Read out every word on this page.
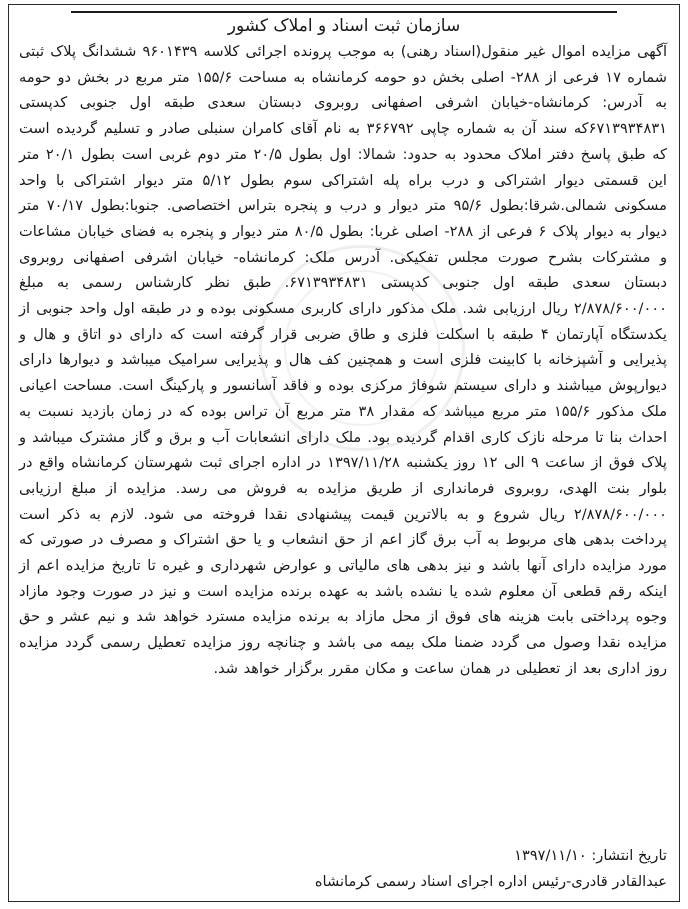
سازمان ثبت اسناد و املاک کشور
آگهی مزایده اموال غیر منقول(اسناد رهنی) به موجب پرونده اجرائی کلاسه ۹۶۰۱۴۳۹ ششدانگ پلاک ثبتی شماره ۱۷ فرعی از ۲۸۸- اصلی بخش دو حومه کرمانشاه به مساحت ۱۵۵/۶ متر مربع در بخش دو حومه به آدرس: کرمانشاه-خیابان اشرفی اصفهانی روبروی دبستان سعدی طبقه اول جنوبی کدپستی ۶۷۱۳۹۳۴۸۳۱که سند آن به شماره چاپی ۳۶۶۷۹۲ به نام آقای کامران سنبلی صادر و تسلیم گردیده است که طبق پاسخ دفتر املاک محدود به حدود: شمالا: اول بطول ۲۰/۵ متر دوم غربی است بطول ۲۰/۱ متر این قسمتی دیوار اشتراکی و درب براه پله اشتراکی سوم بطول ۵/۱۲ متر دیوار اشتراکی با واحد مسکونی شمالی.شرقا:بطول ۹۵/۶ متر دیوار و درب و پنجره بتراس اختصاصی. جنوبا:بطول ۷۰/۱۷ متر دیوار به دیوار پلاک ۶ فرعی از ۲۸۸- اصلی غربا: بطول ۸۰/۵ متر دیوار و پنجره به فضای خیابان مشاعات و مشترکات بشرح صورت مجلس تفکیکی. آدرس ملک: کرمانشاه- خیابان اشرفی اصفهانی روبروی دبستان سعدی طبقه اول جنوبی کدپستی ۶۷۱۳۹۳۴۸۳۱. طبق نظر کارشناس رسمی به مبلغ ۲/۸۷۸/۶۰۰/۰۰۰ ریال ارزیابی شد. ملک مذکور دارای کاربری مسکونی بوده و در طبقه اول واحد جنوبی از یکدستگاه آپارتمان ۴ طبقه با اسکلت فلزی و طاق ضربی قرار گرفته است که دارای دو اتاق و هال و پذیرایی و آشپزخانه با کابینت فلزی است و همچنین کف هال و پذیرایی سرامیک میباشد و دیوارها دارای دیوارپوش میباشند و دارای سیستم شوفاژ مرکزی بوده و فاقد آسانسور و پارکینگ است. مساحت اعیانی ملک مذکور ۱۵۵/۶ متر مربع میباشد که مقدار ۳۸ متر مربع آن تراس بوده که در زمان بازدید نسبت به احداث بنا تا مرحله نازک کاری اقدام گردیده بود. ملک دارای انشعابات آب و برق و گاز مشترک میباشد و پلاک فوق از ساعت ۹ الی ۱۲ روز یکشنبه ۱۳۹۷/۱۱/۲۸ در اداره اجرای ثبت شهرستان کرمانشاه واقع در بلوار بنت الهدی، روبروی فرمانداری از طریق مزایده به فروش می رسد. مزایده از مبلغ ارزیابی ۲/۸۷۸/۶۰۰/۰۰۰ ریال شروع و به بالاترین قیمت پیشنهادی نقدا فروخته می شود. لازم به ذکر است پرداخت بدهی های مربوط به آب برق گاز اعم از حق انشعاب و یا حق اشتراک و مصرف در صورتی که مورد مزایده دارای آنها باشد و نیز بدهی های مالیاتی و عوارض شهرداری و غیره تا تاریخ مزایده اعم از اینکه رقم قطعی آن معلوم شده یا نشده باشد به عهده برنده مزایده است و نیز در صورت وجود مازاد وجوه پرداختی بابت هزینه های فوق از محل مازاد به برنده مزایده مسترد خواهد شد و نیم عشر و حق مزایده نقدا وصول می گردد ضمنا ملک بیمه می باشد و چنانچه روز مزایده تعطیل رسمی گردد مزایده روز اداری بعد از تعطیلی در همان ساعت و مکان مقرر برگزار خواهد شد.
تاریخ انتشار: ۱۳۹۷/۱۱/۱۰
عبدالقادر قادری-رئیس اداره اجرای اسناد رسمی کرمانشاه
